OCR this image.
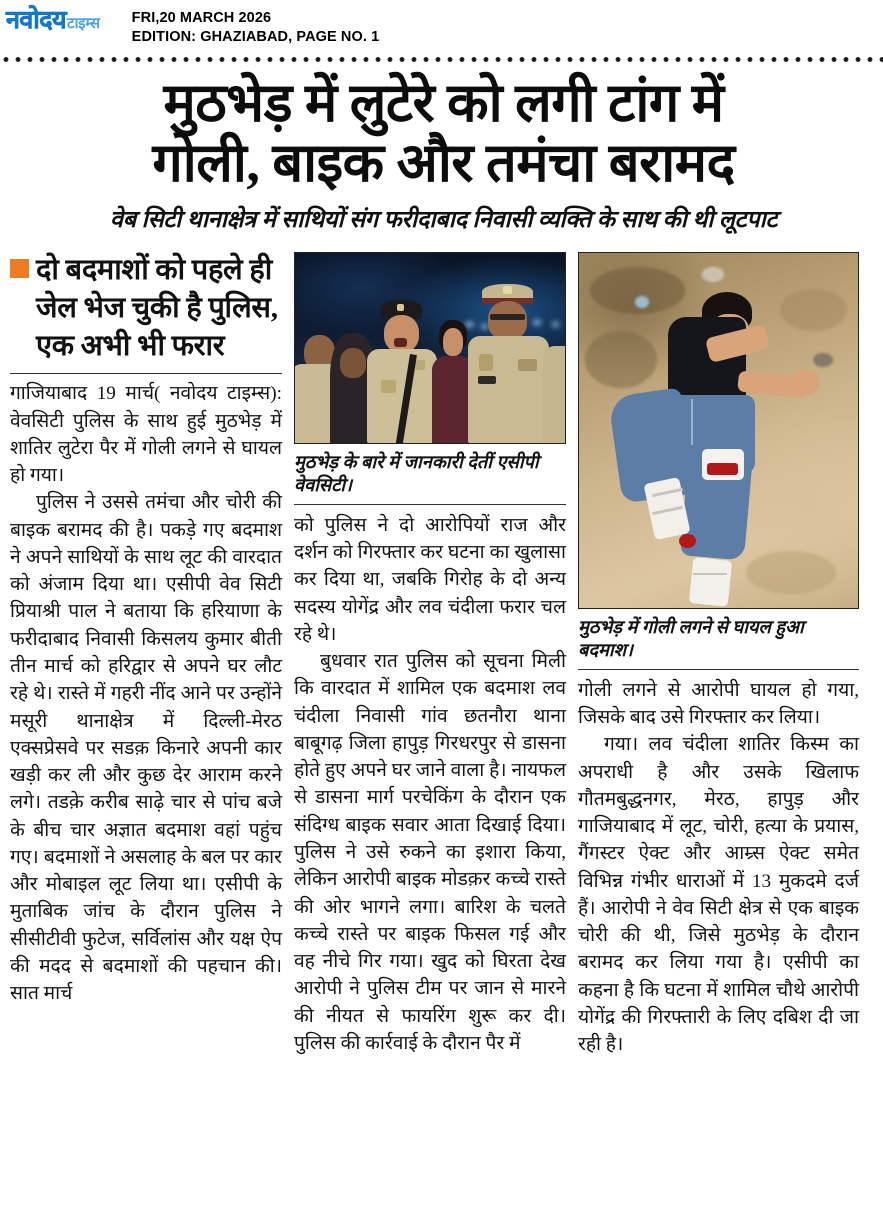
नवोदय टाइम्स FRI,20 MARCH 2026
EDITION: GHAZIABAD, PAGE NO. 1
मुठभेड़ में लुटेरे को लगी टांग में
गोली, बाइक और तमंचा बरामद
वेब सिटी थानाक्षेत्र में साथियों संग फरीदाबाद निवासी व्यक्ति के साथ की थी लूटपाट
दो बदमाशों को पहले ही जेल भेज चुकी है पुलिस, एक अभी भी फरार

गाजियाबाद 19 मार्च( नवोदय टाइम्स): वेवसिटी पुलिस के साथ हुई मुठभेड़ में शातिर लुटेरा पैर में गोली लगने से घायल हो गया।

पुलिस ने उससे तमंचा और चोरी की बाइक बरामद की है। पकड़े गए बदमाश ने अपने साथियों के साथ लूट की वारदात को अंजाम दिया था। एसीपी वेव सिटी प्रियाश्री पाल ने बताया कि हरियाणा के फरीदाबाद निवासी किसलय कुमार बीती तीन मार्च को हरिद्वार से अपने घर लौट रहे थे। रास्ते में गहरी नींद आने पर उन्होंने मसूरी थानाक्षेत्र में दिल्ली-मेरठ एक्सप्रेसवे पर सडक़ किनारे अपनी कार खड़ी कर ली और कुछ देर आराम करने लगे। तडक़े करीब साढ़े चार से पांच बजे के बीच चार अज्ञात बदमाश वहां पहुंच गए। बदमाशों ने असलाह के बल पर कार और मोबाइल लूट लिया था। एसीपी के मुताबिक जांच के दौरान पुलिस ने सीसीटीवी फुटेज, सर्विलांस और यक्ष ऐप की मदद से बदमाशों की पहचान की। सात मार्च

मुठभेड़ के बारे में जानकारी देतीं एसीपी वेवसिटी।

को पुलिस ने दो आरोपियों राज और दर्शन को गिरफ्तार कर घटना का खुलासा कर दिया था, जबकि गिरोह के दो अन्य सदस्य योगेंद्र और लव चंदीला फरार चल रहे थे।

बुधवार रात पुलिस को सूचना मिली कि वारदात में शामिल एक बदमाश लव चंदीला निवासी गांव छतनौरा थाना बाबूगढ़ जिला हापुड़ गिरधरपुर से डासना होते हुए अपने घर जाने वाला है। नायफल से डासना मार्ग परचेकिंग के दौरान एक संदिग्ध बाइक सवार आता दिखाई दिया। पुलिस ने उसे रुकने का इशारा किया, लेकिन आरोपी बाइक मोडक़र कच्चे रास्ते की ओर भागने लगा। बारिश के चलते कच्चे रास्ते पर बाइक फिसल गई और वह नीचे गिर गया। खुद को घिरता देख आरोपी ने पुलिस टीम पर जान से मारने की नीयत से फायरिंग शुरू कर दी। पुलिस की कार्रवाई के दौरान पैर में

मुठभेड़ में गोली लगने से घायल हुआ बदमाश।

गोली लगने से आरोपी घायल हो गया, जिसके बाद उसे गिरफ्तार कर लिया।

गया। लव चंदीला शातिर किस्म का अपराधी है और उसके खिलाफ गौतमबुद्धनगर, मेरठ, हापुड़ और गाजियाबाद में लूट, चोरी, हत्या के प्रयास, गैंगस्टर ऐक्ट और आम्र्स ऐक्ट समेत विभिन्न गंभीर धाराओं में 13 मुकदमे दर्ज हैं। आरोपी ने वेव सिटी क्षेत्र से एक बाइक चोरी की थी, जिसे मुठभेड़ के दौरान बरामद कर लिया गया है। एसीपी का कहना है कि घटना में शामिल चौथे आरोपी योगेंद्र की गिरफ्तारी के लिए दबिश दी जा रही है।
